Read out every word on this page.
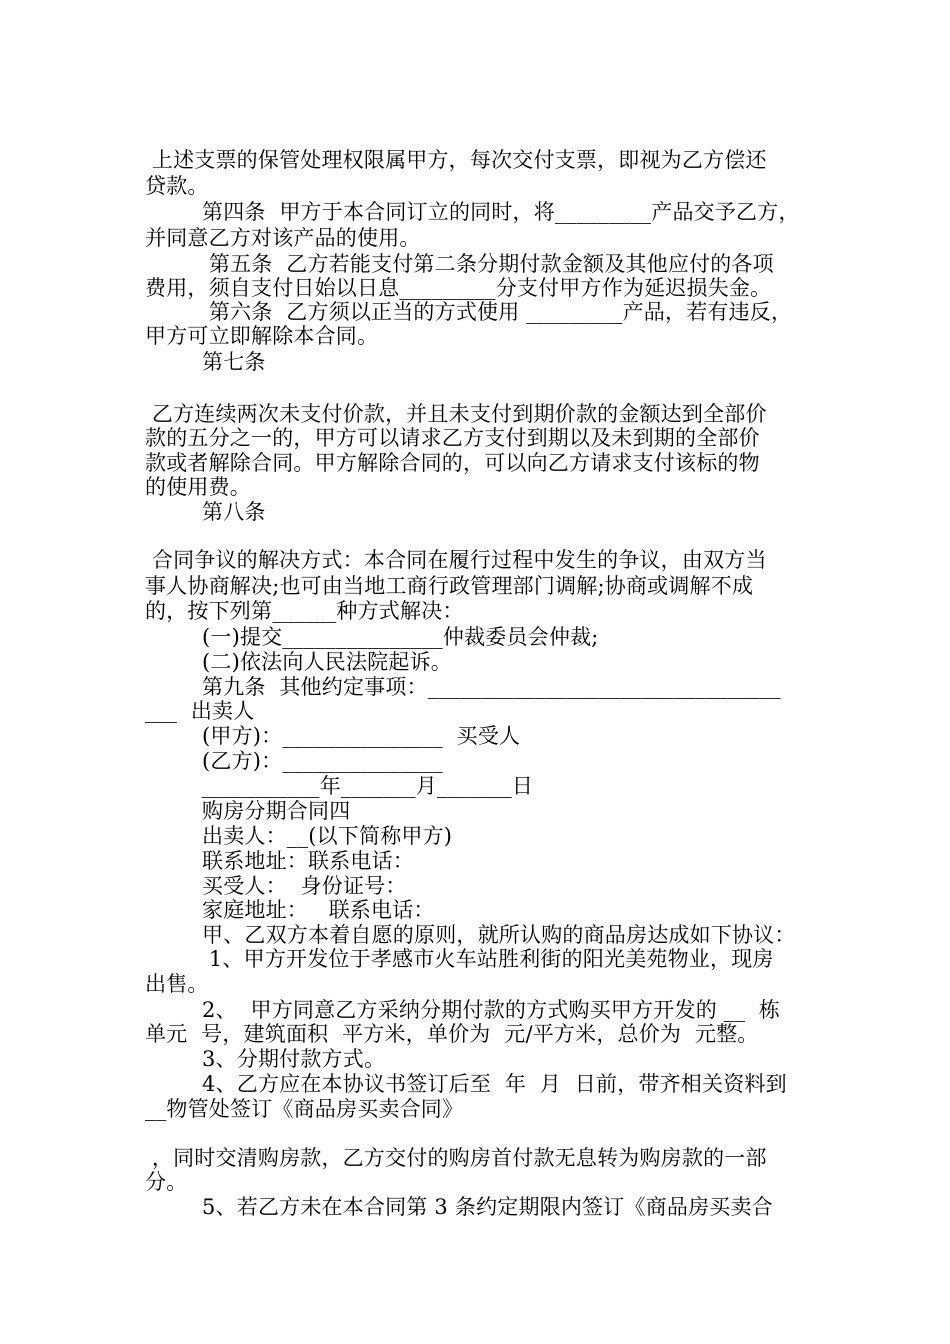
上述支票的保管处理权限属甲方，每次交付支票，即视为乙方偿还
贷款。
第四条  甲方于本合同订立的同时，将_________产品交予乙方，
并同意乙方对该产品的使用。
第五条  乙方若能支付第二条分期付款金额及其他应付的各项
费用，须自支付日始以日息_________分支付甲方作为延迟损失金。
第六条  乙方须以正当的方式使用 _________产品，若有违反，
甲方可立即解除本合同。
第七条
乙方连续两次未支付价款，并且未支付到期价款的金额达到全部价
款的五分之一的，甲方可以请求乙方支付到期以及未到期的全部价
款或者解除合同。甲方解除合同的，可以向乙方请求支付该标的物
的使用费。
第八条
合同争议的解决方式：本合同在履行过程中发生的争议，由双方当
事人协商解决;也可由当地工商行政管理部门调解;协商或调解不成
的，按下列第______种方式解决：
(一)提交_______________仲裁委员会仲裁;
(二)依法向人民法院起诉。
第九条  其他约定事项：_________________________________
___  出卖人
(甲方)：_______________  买受人
(乙方)：_______________
___________年_______月_______日
购房分期合同四
出卖人：__(以下简称甲方)
联系地址：联系电话：
买受人：  身份证号：
家庭地址：   联系电话：
甲、乙双方本着自愿的原则，就所认购的商品房达成如下协议：
1、甲方开发位于孝感市火车站胜利街的阳光美苑物业，现房
出售。
2、  甲方同意乙方采纳分期付款的方式购买甲方开发的 __  栋
单元  号，建筑面积  平方米，单价为  元/平方米，总价为  元整。
3、分期付款方式。
4、乙方应在本协议书签订后至  年  月  日前，带齐相关资料到
__物管处签订《商品房买卖合同》
，同时交清购房款，乙方交付的购房首付款无息转为购房款的一部
分。
5、若乙方未在本合同第 3 条约定期限内签订《商品房买卖合
